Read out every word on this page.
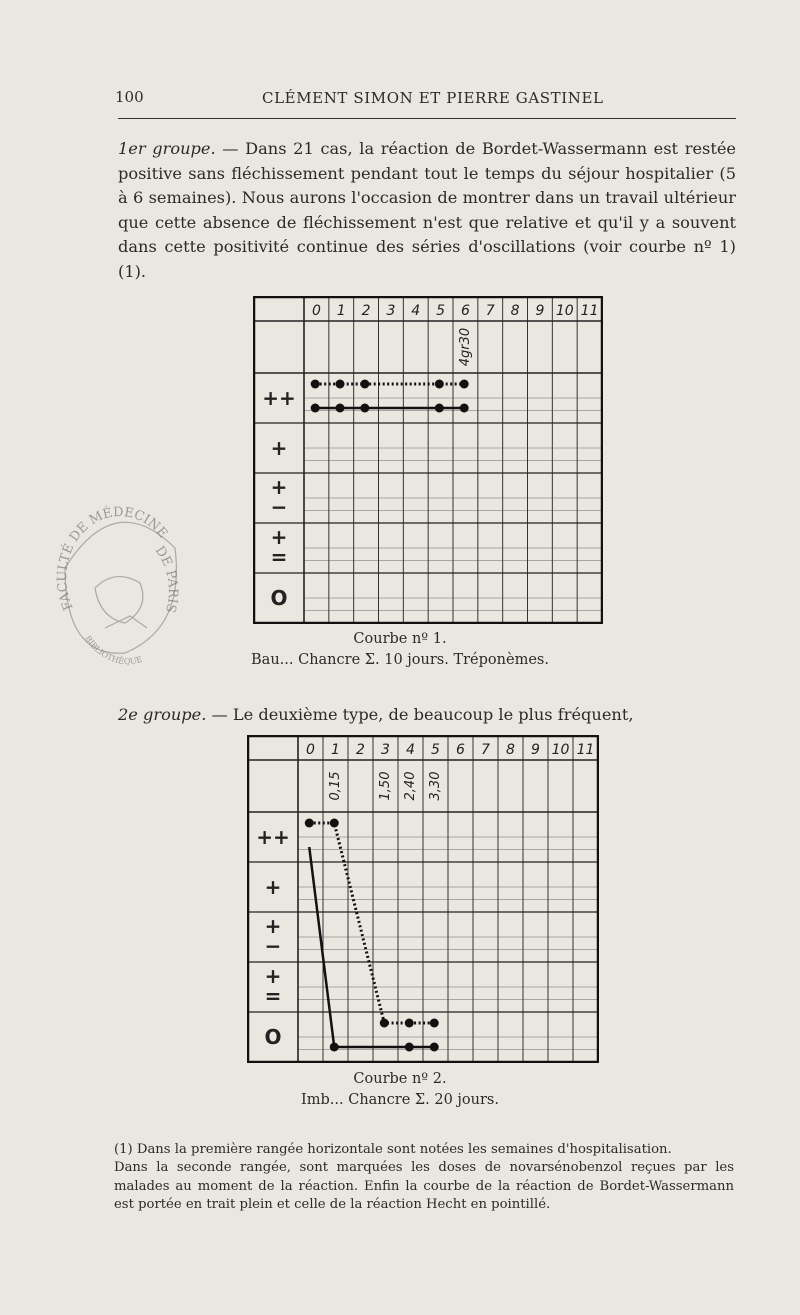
100	CLÉMENT SIMON ET PIERRE GASTINEL
1er groupe. — Dans 21 cas, la réaction de Bordet-Wassermann est restée positive sans fléchissement pendant tout le temps du séjour hospitalier (5 à 6 semaines). Nous aurons l'occasion de montrer dans un travail ultérieur que cette absence de fléchissement n'est que relative et qu'il y a souvent dans cette positivité continue des séries d'oscillations (voir courbe nº 1) (1).
0 1 2 3 4 5 6 7 8 9 10 11
++
+
+
−
+
=
O
4gr30
Courbe nº 1.
Bau... Chancre Σ. 10 jours. Tréponèmes.
2e groupe. — Le deuxième type, de beaucoup le plus fréquent,
0 1 2 3 4 5 6 7 8 9 10 11
++
+
+
−
+
=
O
0,15	1,50 2,40 3,30
Courbe nº 2.
Imb... Chancre Σ. 20 jours.

(1) Dans la première rangée horizontale sont notées les semaines d'hospitalisation.

Dans la seconde rangée, sont marquées les doses de novarsénobenzol reçues par les malades au moment de la réaction. Enfin la courbe de la réaction de Bordet-Wassermann est portée en trait plein et celle de la réaction Hecht en pointillé.

FACULTÉ DE MÉDECINE
DE PARIS
BIBLIOTHÈQUE
